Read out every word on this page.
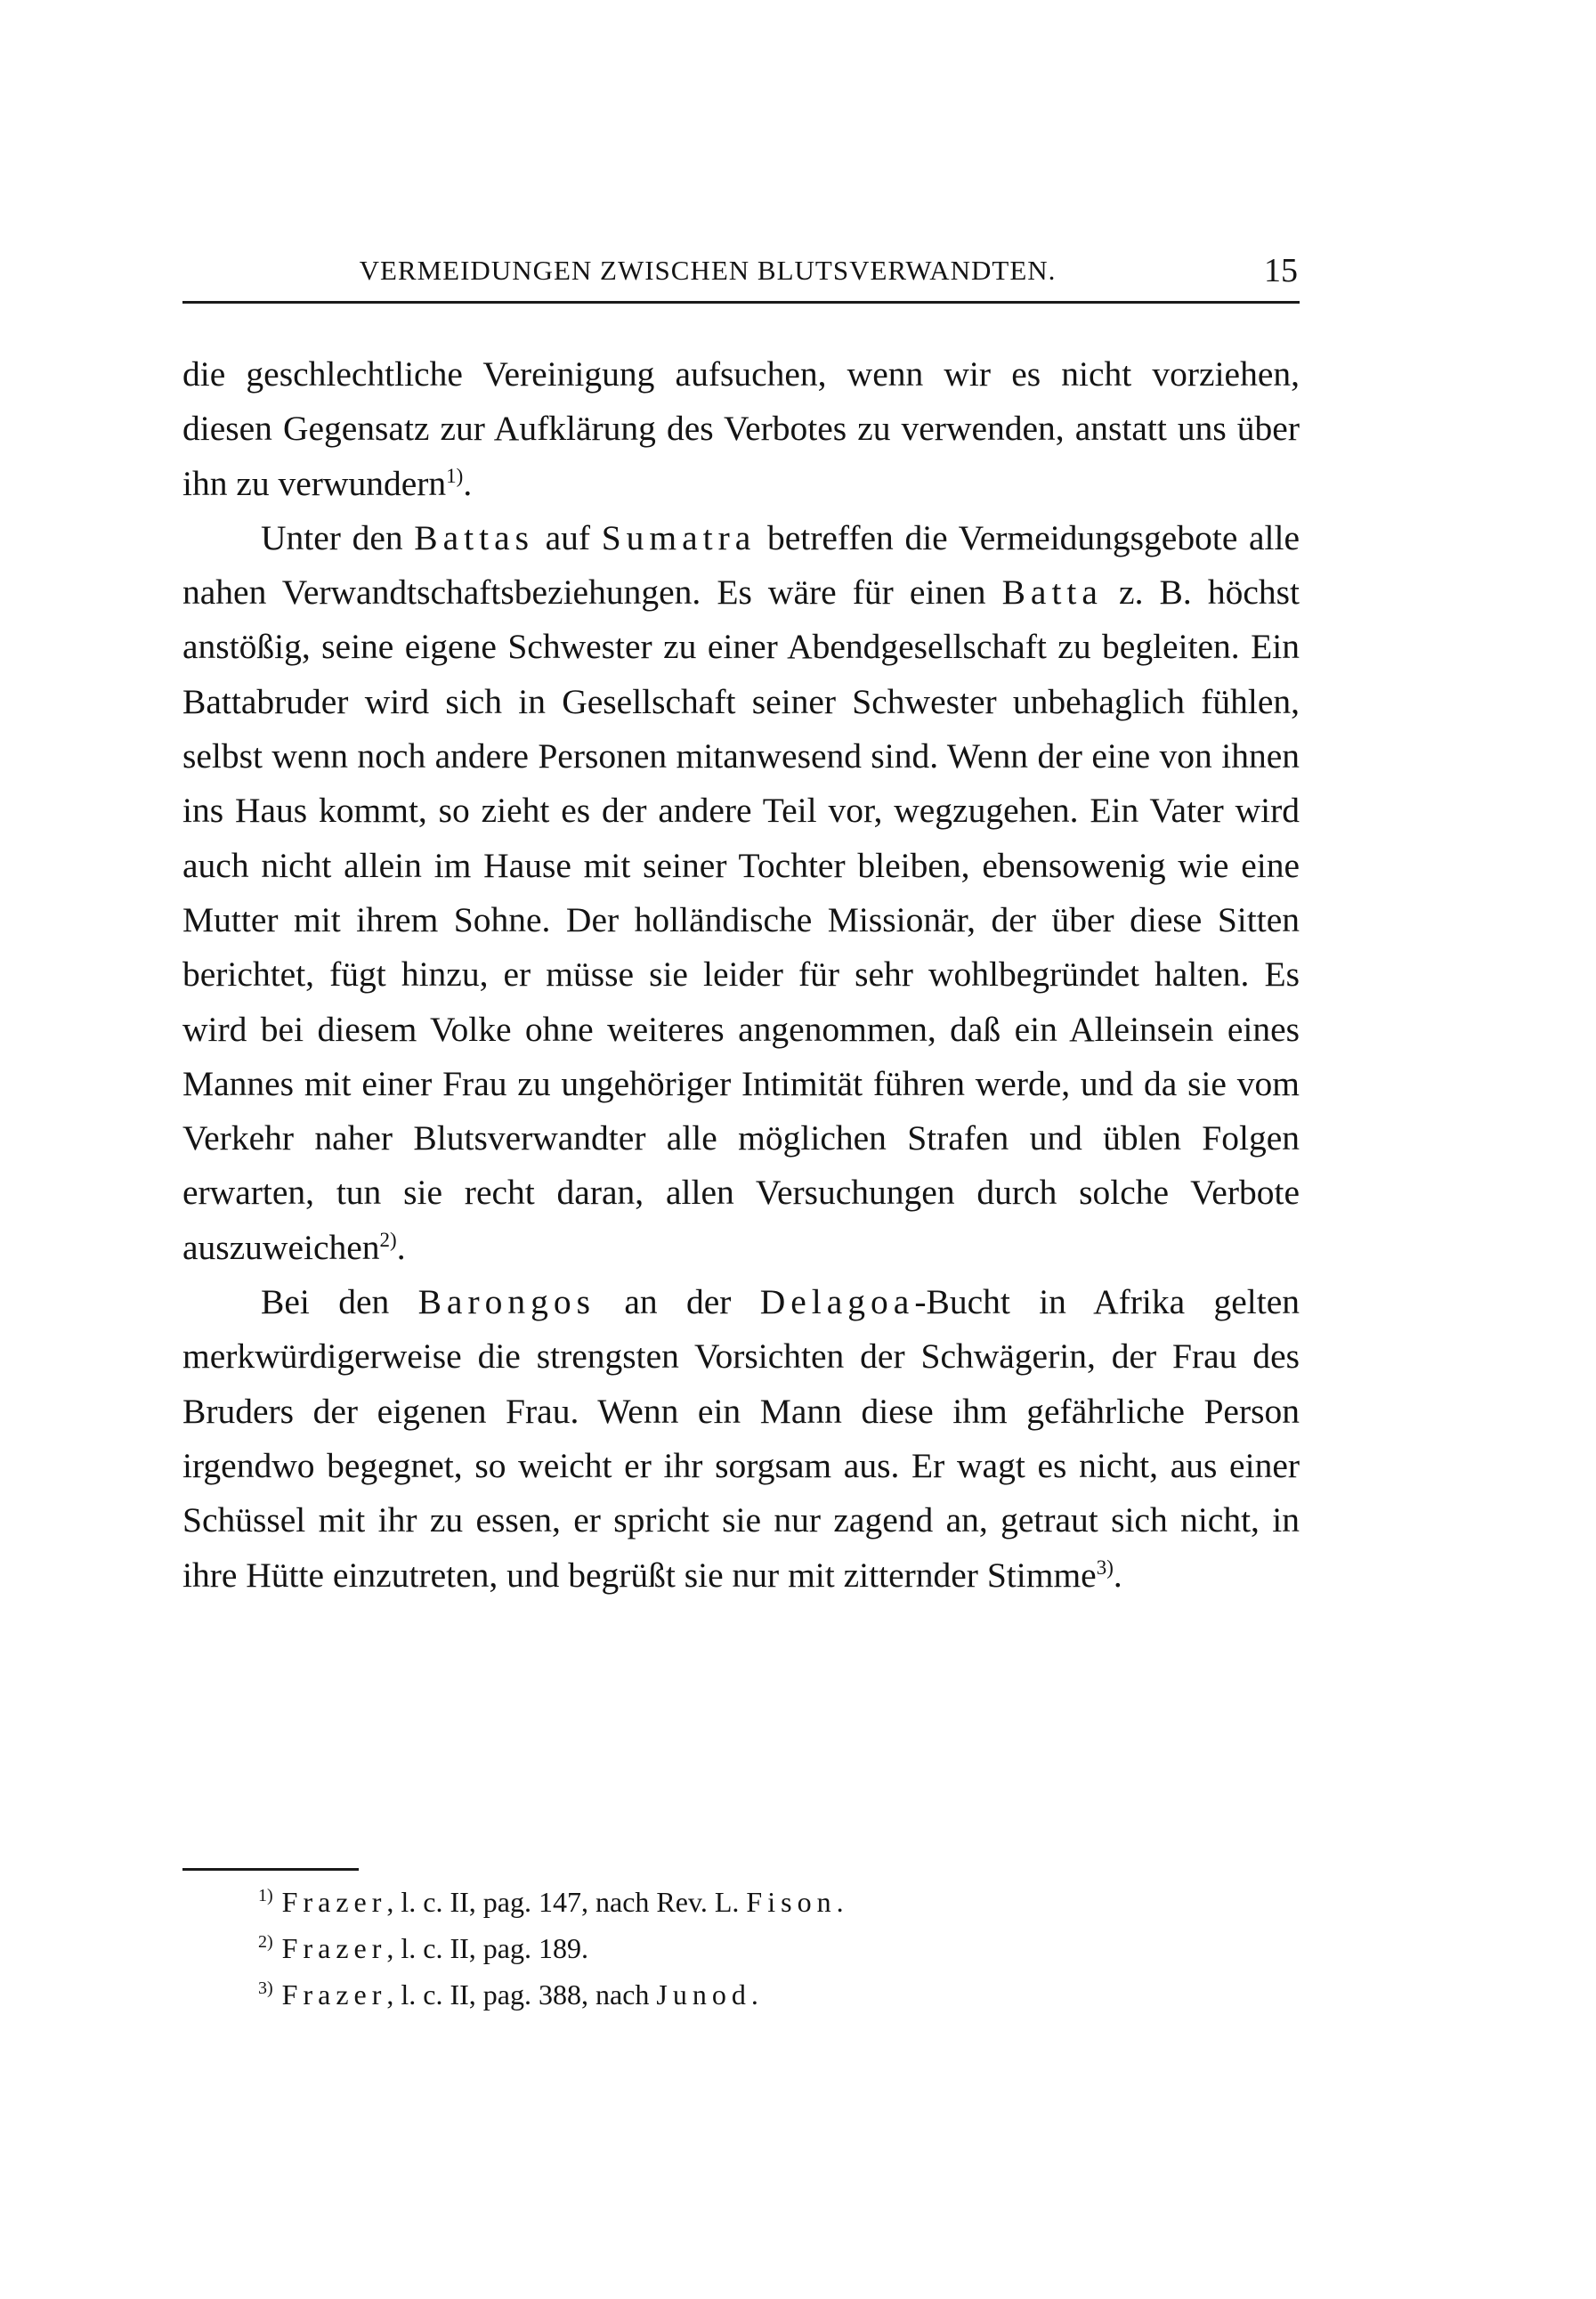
VERMEIDUNGEN ZWISCHEN BLUTSVERWANDTEN.	15

die geschlechtliche Vereinigung aufsuchen, wenn wir es nicht vorziehen, diesen Gegensatz zur Aufklärung des Verbotes zu verwenden, anstatt uns über ihn zu verwundern$^{1)}$.

Unter den Battas auf Sumatra betreffen die Vermeidungsgebote alle nahen Verwandtschaftsbeziehungen. Es wäre für einen Batta z. B. höchst anstößig, seine eigene Schwester zu einer Abendgesellschaft zu begleiten. Ein Battabruder wird sich in Gesellschaft seiner Schwester unbehaglich fühlen, selbst wenn noch andere Personen mitanwesend sind. Wenn der eine von ihnen ins Haus kommt, so zieht es der andere Teil vor, wegzugehen. Ein Vater wird auch nicht allein im Hause mit seiner Tochter bleiben, ebensowenig wie eine Mutter mit ihrem Sohne. Der holländische Missionär, der über diese Sitten berichtet, fügt hinzu, er müsse sie leider für sehr wohlbegründet halten. Es wird bei diesem Volke ohne weiteres angenommen, daß ein Alleinsein eines Mannes mit einer Frau zu ungehöriger Intimität führen werde, und da sie vom Verkehr naher Blutsverwandter alle möglichen Strafen und üblen Folgen erwarten, tun sie recht daran, allen Versuchungen durch solche Verbote auszuweichen$^{2)}$.

Bei den Barongos an der Delagoa-Bucht in Afrika gelten merkwürdigerweise die strengsten Vorsichten der Schwägerin, der Frau des Bruders der eigenen Frau. Wenn ein Mann diese ihm gefährliche Person irgendwo begegnet, so weicht er ihr sorgsam aus. Er wagt es nicht, aus einer Schüssel mit ihr zu essen, er spricht sie nur zagend an, getraut sich nicht, in ihre Hütte einzutreten, und begrüßt sie nur mit zitternder Stimme$^{3)}$.

$^{1)}$ Frazer, l. c. II, pag. 147, nach Rev. L. Fison.

$^{2)}$ Frazer, l. c. II, pag. 189.

$^{3)}$ Frazer, l. c. II, pag. 388, nach Junod.
